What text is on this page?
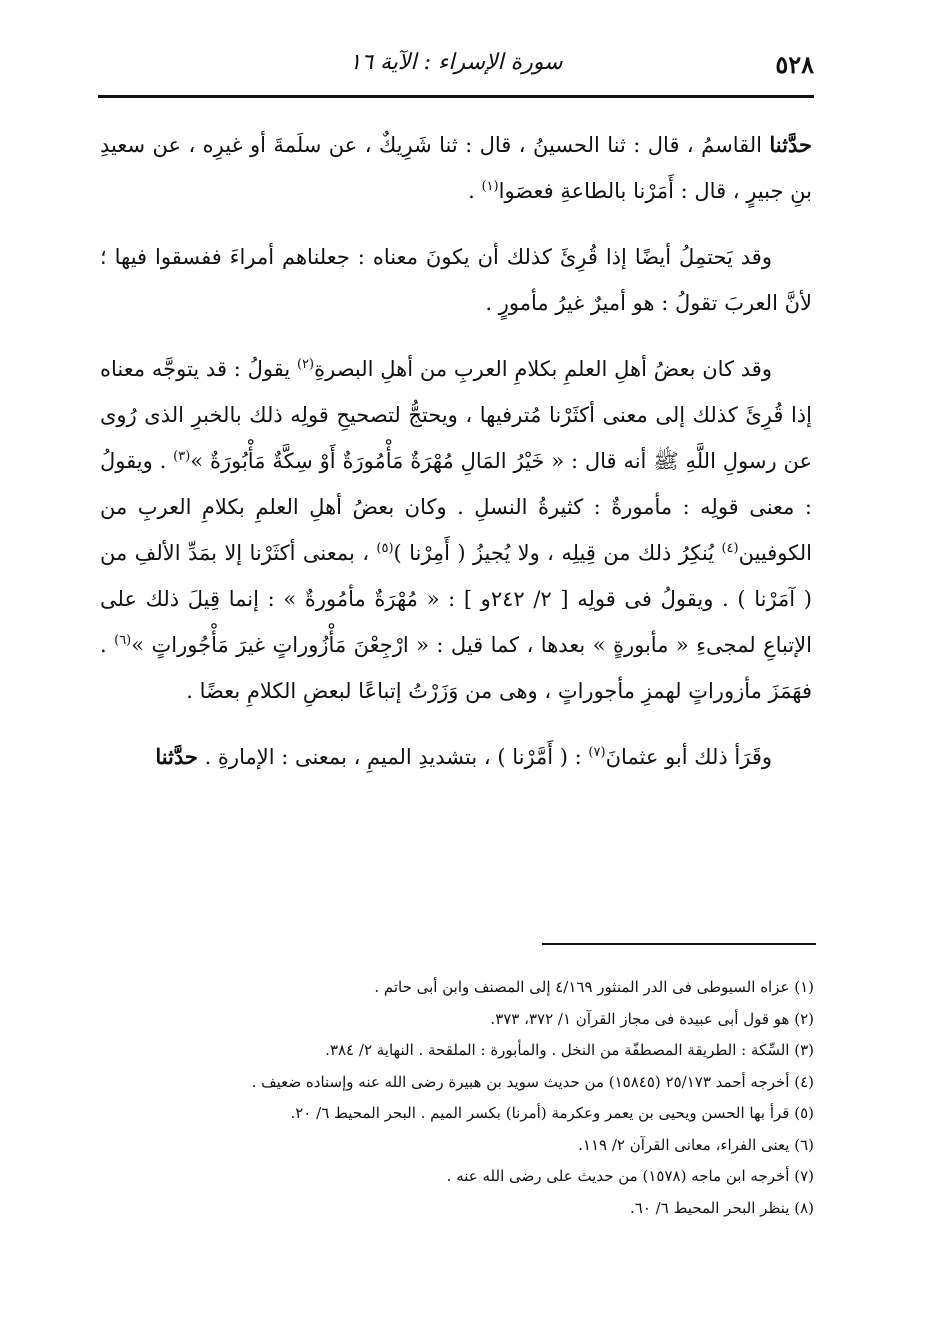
٥٢٨
سورة الإسراء : الآية ١٦

حدَّثنا القاسمُ ، قال : ثنا الحسينُ ، قال : ثنا شَرِيكٌ ، عن سلَمةَ أو غيرِه ، عن سعيدِ بنِ جبيرٍ ، قال : أَمَرْنا بالطاعةِ فعصَوا$^{(١)}$ .

وقد يَحتمِلُ أيضًا إذا قُرِئَ كذلك أن يكونَ معناه : جعلناهم أمراءَ ففسقوا فيها ؛ لأنَّ العربَ تقولُ : هو أميرٌ غيرُ مأمورٍ .

وقد كان بعضُ أهلِ العلمِ بكلامِ العربِ من أهلِ البصرةِ$^{(٢)}$ يقولُ : قد يتوجَّه معناه إذا قُرِئَ كذلك إلى معنى أكثَرْنا مُترفيها ، ويحتجُّ لتصحيحِ قولِه ذلك بالخبرِ الذى رُوى عن رسولِ اللَّهِ ﷺ أنه قال : « خَيْرُ المَالِ مُهْرَةٌ مَأْمُورَةٌ أَوْ سِكَّةٌ مَأْبُورَةٌ »$^{(٣)}$ . ويقولُ : معنى قولِه : مأمورةٌ : كثيرةُ النسلِ . وكان بعضُ أهلِ العلمِ بكلامِ العربِ من الكوفيين$^{(٤)}$ يُنكِرُ ذلك من قِيلِه ، ولا يُجيزُ ( أَمِرْنا )$^{(٥)}$ ، بمعنى أكثَرْنا إلا بمَدِّ الألفِ من ( آمَرْنا ) . ويقولُ فى قولِه [ ٢/ ٢٤٢و ] : « مُهْرَةٌ مأمُورةٌ » : إنما قِيلَ ذلك على الإتباعِ لمجىءِ « مأبورةٍ » بعدها ، كما قيل : « ارْجِعْنَ مَأْزُوراتٍ غيرَ مَأْجُوراتٍ »$^{(٦)}$ . فهَمَزَ مأزوراتٍ لهمزِ مأجوراتٍ ، وهى من وَزَرْتُ إتباعًا لبعضِ الكلامِ بعضًا .

وقَرَأ ذلك أبو عثمانَ$^{(٧)}$ : ( أَمَّرْنا ) ، بتشديدِ الميمِ ، بمعنى : الإمارةِ . حدَّثنا

(١) عزاه السيوطى فى الدر المنثور ٤/١٦٩ إلى المصنف وابن أبى حاتم .
(٢) هو قول أبى عبيدة فى مجاز القرآن ١/ ٣٧٢، ٣٧٣.
(٣) السِّكة : الطريقة المصطفّة من النخل . والمأبورة : الملقحة . النهاية ٢/ ٣٨٤.
(٤) أخرجه أحمد ٢٥/١٧٣ (١٥٨٤٥) من حديث سويد بن هبيرة رضى الله عنه وإسناده ضعيف .
(٥) قرأ بها الحسن ويحيى بن يعمر وعكرمة (أمرنا) بكسر الميم . البحر المحيط ٦/ ٢٠.
(٦) يعنى الفراء، معانى القرآن ٢/ ١١٩.
(٧) أخرجه ابن ماجه (١٥٧٨) من حديث على رضى الله عنه .
(٨) ينظر البحر المحيط ٦/ ٦٠.
